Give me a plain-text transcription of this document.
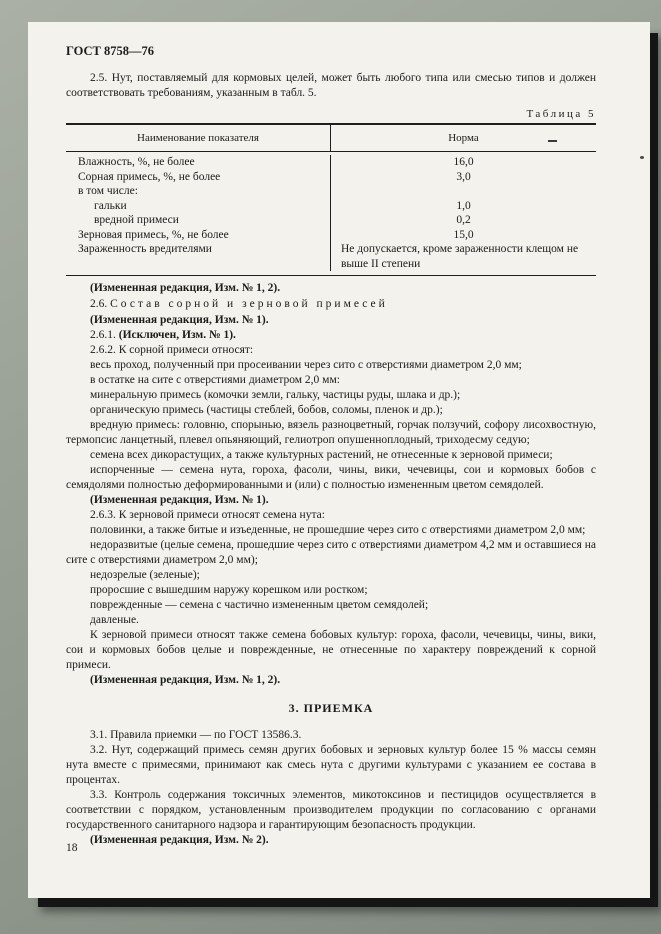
ГОСТ 8758—76

2.5. Нут, поставляемый для кормовых целей, может быть любого типа или смесью типов и должен соответствовать требованиям, указанным в табл. 5.

Таблица 5
Наименование показателя	Норма
Влажность, %, не более	16,0
Сорная примесь, %, не более	3,0
в том числе:
гальки	1,0
вредной примеси	0,2
Зерновая примесь, %, не более	15,0
Зараженность вредителями	Не допускается, кроме зараженности клещом не выше II степени

(Измененная редакция, Изм. № 1, 2).

2.6. Состав сорной и зерновой примесей

(Измененная редакция, Изм. № 1).

2.6.1. (Исключен, Изм. № 1).

2.6.2. К сорной примеси относят:

весь проход, полученный при просеивании через сито с отверстиями диаметром 2,0 мм;

в остатке на сите с отверстиями диаметром 2,0 мм:

минеральную примесь (комочки земли, гальку, частицы руды, шлака и др.);

органическую примесь (частицы стеблей, бобов, соломы, пленок и др.);

вредную примесь: головню, спорынью, вязель разноцветный, горчак ползучий, софору лисохвостную, термопсис ланцетный, плевел опьяняющий, гелиотроп опушенноплодный, триходесму седую;

семена всех дикорастущих, а также культурных растений, не отнесенные к зерновой примеси;

испорченные — семена нута, гороха, фасоли, чины, вики, чечевицы, сои и кормовых бобов с семядолями полностью деформированными и (или) с полностью измененным цветом семядолей.

(Измененная редакция, Изм. № 1).

2.6.3. К зерновой примеси относят семена нута:

половинки, а также битые и изъеденные, не прошедшие через сито с отверстиями диаметром 2,0 мм;

недоразвитые (целые семена, прошедшие через сито с отверстиями диаметром 4,2 мм и оставшиеся на сите с отверстиями диаметром 2,0 мм);

недозрелые (зеленые);

проросшие с вышедшим наружу корешком или ростком;

поврежденные — семена с частично измененным цветом семядолей;

давленые.

К зерновой примеси относят также семена бобовых культур: гороха, фасоли, чечевицы, чины, вики, сои и кормовых бобов целые и поврежденные, не отнесенные по характеру повреждений к сорной примеси.

(Измененная редакция, Изм. № 1, 2).

3. ПРИЕМКА

3.1. Правила приемки — по ГОСТ 13586.3.

3.2. Нут, содержащий примесь семян других бобовых и зерновых культур более 15 % массы семян нута вместе с примесями, принимают как смесь нута с другими культурами с указанием ее состава в процентах.

3.3. Контроль содержания токсичных элементов, микотоксинов и пестицидов осуществляется в соответствии с порядком, установленным производителем продукции по согласованию с органами государственного санитарного надзора и гарантирующим безопасность продукции.

(Измененная редакция, Изм. № 2).

18
